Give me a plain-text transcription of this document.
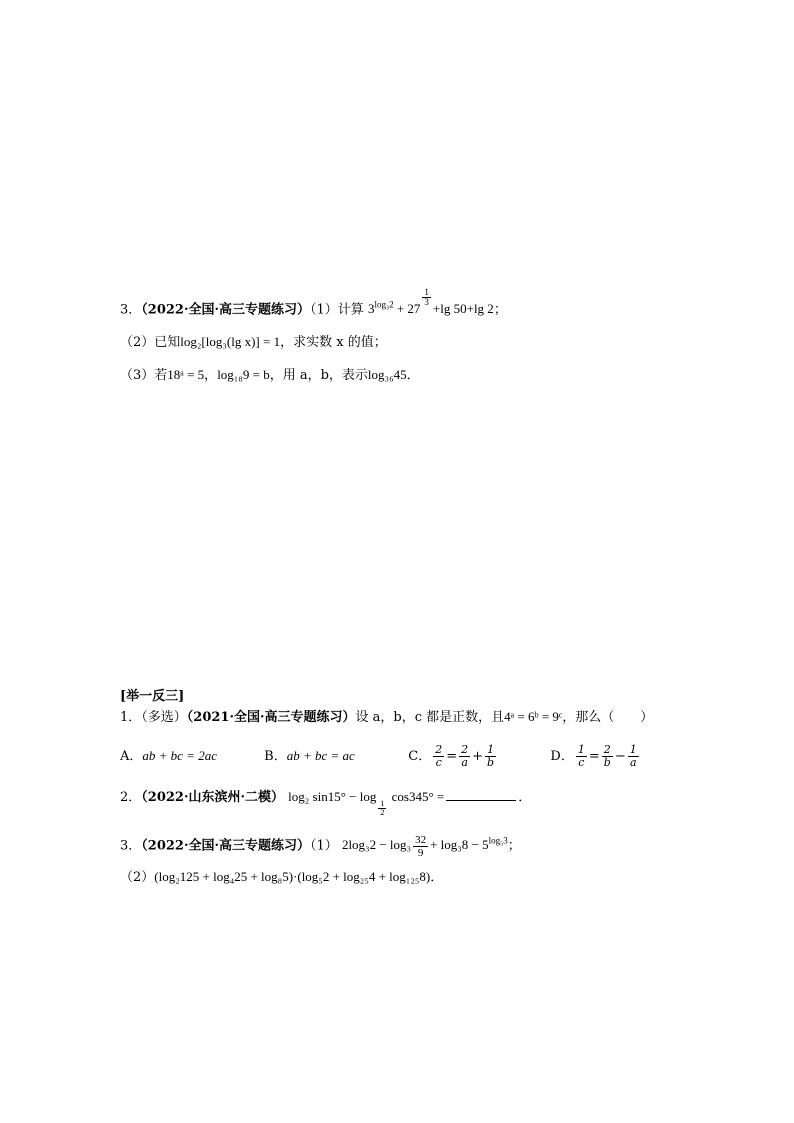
3．（2022·全国·高三专题练习）（1）计算 $3^{log_32} + 27$
$^{\frac{1}{3}}$
+lg 50+lg 2；
（2）已知log₂[log₃(lg x)] = 1，求实数 x 的值；
（3）若18ᵃ = 5，log₁₈9 = b，用 a，b，表示log₃₆45．
[举一反三]
1．（多选）（2021·全国·高三专题练习）设 a，b，c 都是正数，且4ᵃ = 6ᵇ = 9ᶜ，那么（　　）
A．ab + bc = 2ac	B．ab + bc = ac	C． $\frac{2}{c} = \frac{2}{a} + \frac{1}{b}$	D． $\frac{1}{c} = \frac{2}{b} - \frac{1}{a}$
2．（2022·山东滨州·二模） log₂ sin15° − log
$\frac{1}{2}$
cos345° =	．
3．（2022·全国·高三专题练习）（1） $2\log_32 - \log_3 \frac{32}{9} + \log_38 - 5^{log_53}$；
（2）(log₂125 + log₄25 + log₈5)·(log₅2 + log₂₅4 + log₁₂₅8)．
